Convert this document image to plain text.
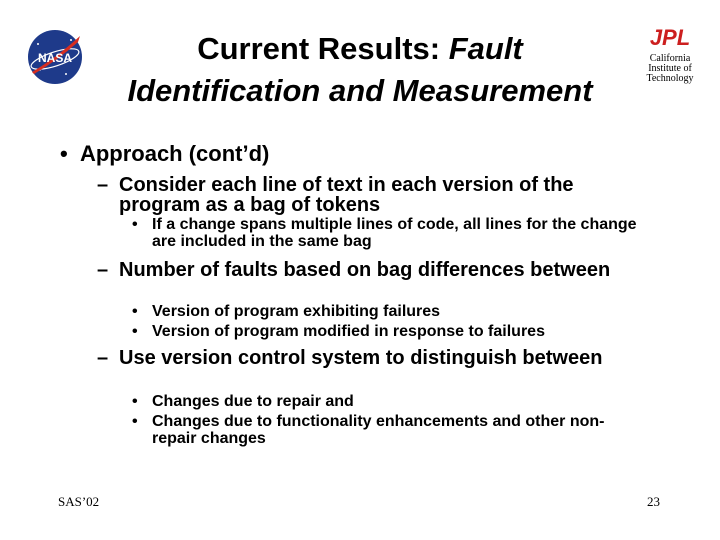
NASA	Current Results: Fault
Identification and Measurement
JPL
California
Institute of
Technology
•  Approach (cont’d)
– Consider each line of text in each version of the program as a bag of tokens
• If a change spans multiple lines of code, all lines for the change are included in the same bag
– Number of faults based on bag differences between
• Version of program exhibiting failures
• Version of program modified in response to failures
– Use version control system to distinguish between
• Changes due to repair and
• Changes due to functionality enhancements and other non-repair changes
SAS’02	23
